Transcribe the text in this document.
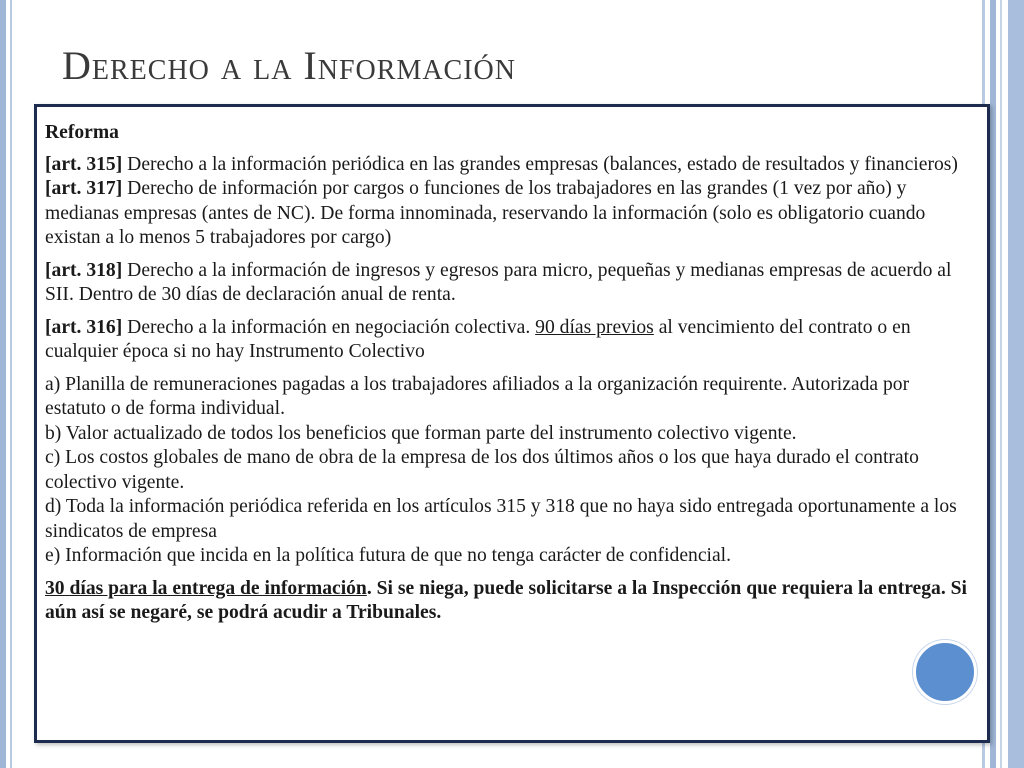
Derecho a la Información

Reforma

[art. 315] Derecho a la información periódica en las grandes empresas (balances, estado de resultados y financieros)

[art. 317] Derecho de información por cargos o funciones de los trabajadores en las grandes (1 vez por año) y medianas empresas (antes de NC). De forma innominada, reservando la información (solo es obligatorio cuando existan a lo menos 5 trabajadores por cargo)

[art. 318] Derecho a la información de ingresos y egresos para micro, pequeñas y medianas empresas de acuerdo al SII. Dentro de 30 días de declaración anual de renta.

[art. 316] Derecho a la información en negociación colectiva. 90 días previos al vencimiento del contrato o en cualquier época si no hay Instrumento Colectivo

a) Planilla de remuneraciones pagadas a los trabajadores afiliados a la organización requirente. Autorizada por estatuto o de forma individual.

b) Valor actualizado de todos los beneficios que forman parte del instrumento colectivo vigente.

c) Los costos globales de mano de obra de la empresa de los dos últimos años o los que haya durado el contrato colectivo vigente.

d) Toda la información periódica referida en los artículos 315 y 318 que no haya sido entregada oportunamente a los sindicatos de empresa

e) Información que incida en la política futura de que no tenga carácter de confidencial.

30 días para la entrega de información. Si se niega, puede solicitarse a la Inspección que requiera la entrega. Si aún así se negaré, se podrá acudir a Tribunales.
